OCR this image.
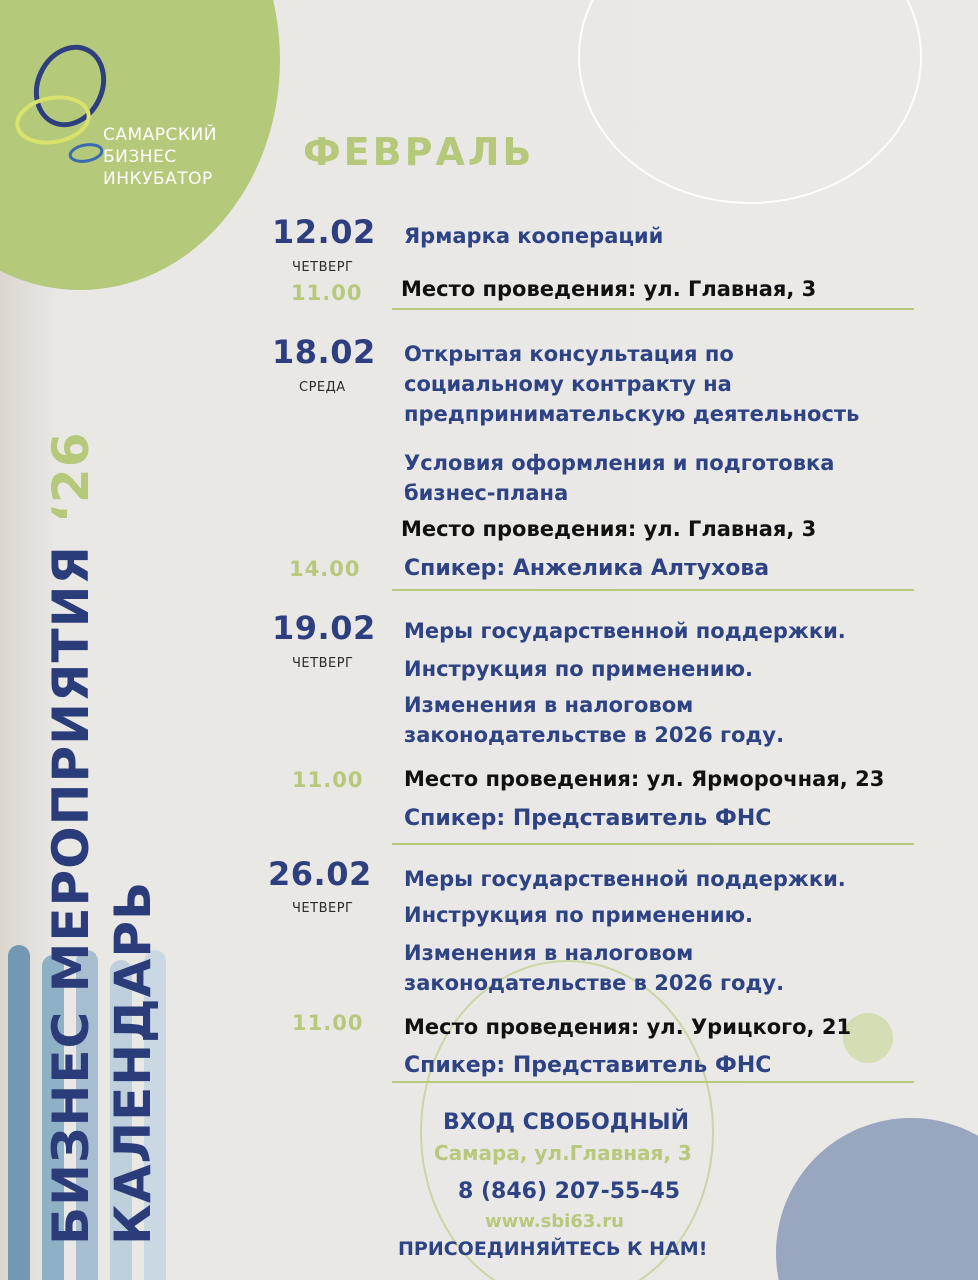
САМАРСКИЙ
БИЗНЕС
ИНКУБАТОР
ФЕВРАЛЬ
БИЗНЕС МЕРОПРИЯТИЯ‘26
КАЛЕНДАРЬ
12.02
ЧЕТВЕРГ
11.00
Ярмарка коопераций
Место проведения: ул. Главная, 3
18.02
СРЕДА
Открытая консультация по
социальному контракту на
предпринимательскую деятельность
Условия оформления и подготовка
бизнес-плана
Место проведения: ул. Главная, 3
14.00 Спикер: Анжелика Алтухова
19.02
ЧЕТВЕРГ
Меры государственной поддержки.
Инструкция по применению.
Изменения в налоговом
законодательстве в 2026 году.
11.00 Место проведения: ул. Ярморочная, 23
Спикер: Представитель ФНС
26.02
ЧЕТВЕРГ
Меры государственной поддержки.
Инструкция по применению.
Изменения в налоговом
законодательстве в 2026 году.
11.00 Место проведения: ул. Урицкого, 21
Спикер: Представитель ФНС
ВХОД СВОБОДНЫЙ
Самара, ул.Главная, 3
8 (846) 207-55-45
www.sbi63.ru
ПРИСОЕДИНЯЙТЕСЬ К НАМ!
